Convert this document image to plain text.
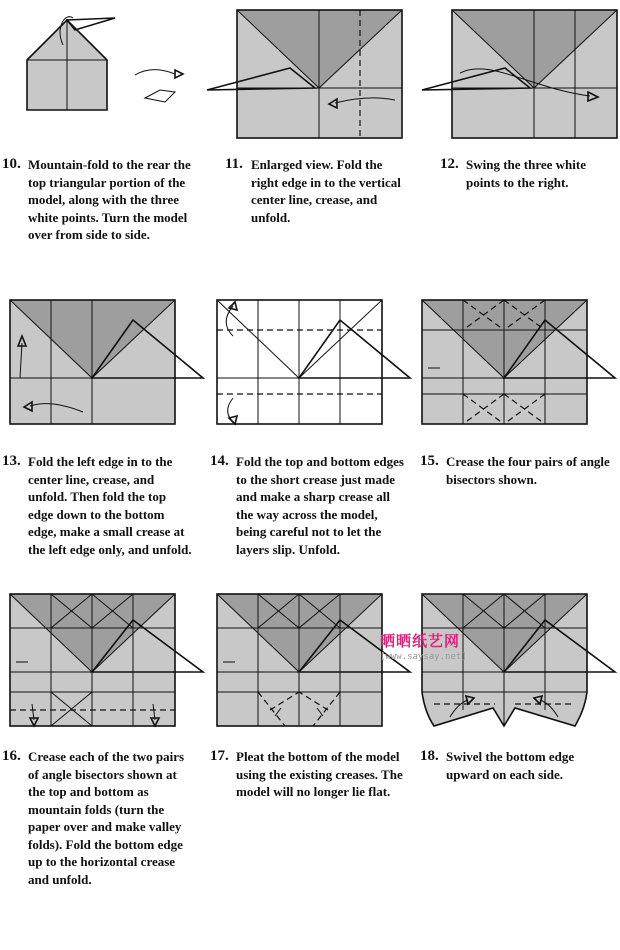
10. Mountain-fold to the rear the top triangular portion of the model, along with the three white points. Turn the model over from side to side.
11. Enlarged view. Fold the right edge in to the vertical center line, crease, and unfold.
12. Swing the three white points to the right.
13. Fold the left edge in to the center line, crease, and unfold. Then fold the top edge down to the bottom edge, make a small crease at the left edge only, and unfold.
14. Fold the top and bottom edges to the short crease just made and make a sharp crease all the way across the model, being careful not to let the layers slip. Unfold.
15. Crease the four pairs of angle bisectors shown.
16. Crease each of the two pairs of angle bisectors shown at the top and bottom as mountain folds (turn the paper over and make valley folds). Fold the bottom edge up to the horizontal crease and unfold.
17. Pleat the bottom of the model using the existing creases. The model will no longer lie flat.
18. Swivel the bottom edge upward on each side.
晒晒纸艺网
[www.saysay.net]
